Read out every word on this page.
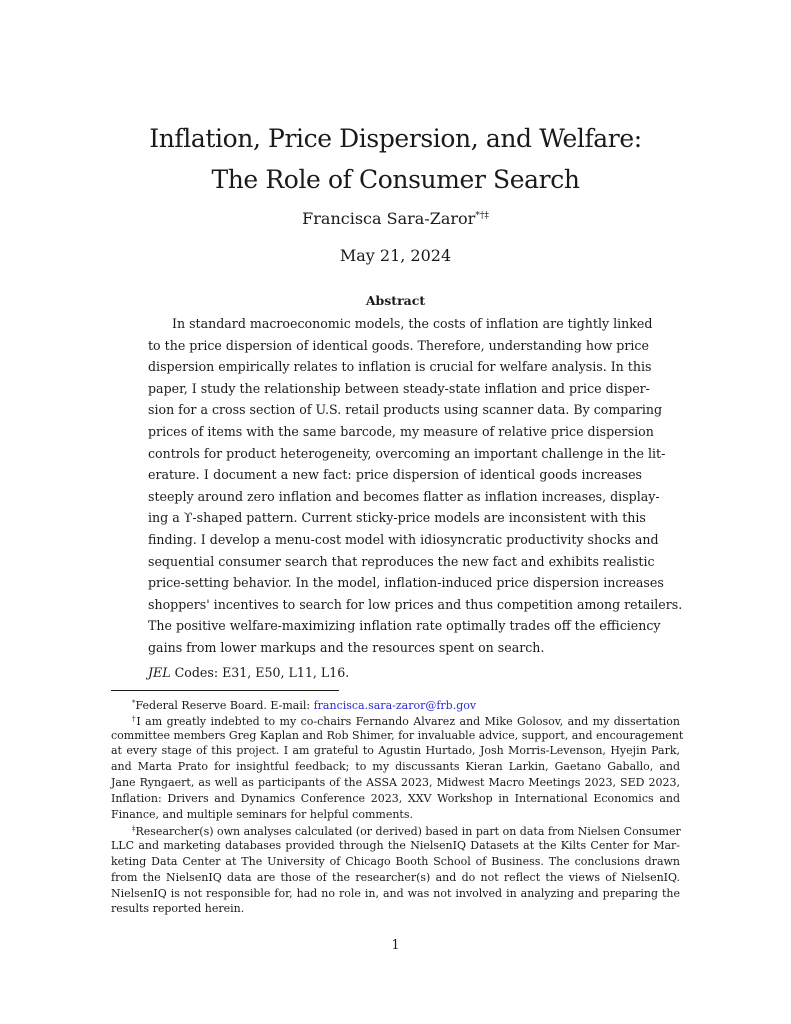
Inflation, Price Dispersion, and Welfare:
The Role of Consumer Search
Francisca Sara-Zaror*†‡
May 21, 2024
Abstract
In standard macroeconomic models, the costs of inflation are tightly linked
to the price dispersion of identical goods. Therefore, understanding how price
dispersion empirically relates to inflation is crucial for welfare analysis. In this
paper, I study the relationship between steady-state inflation and price disper-
sion for a cross section of U.S. retail products using scanner data. By comparing
prices of items with the same barcode, my measure of relative price dispersion
controls for product heterogeneity, overcoming an important challenge in the lit-
erature. I document a new fact: price dispersion of identical goods increases
steeply around zero inflation and becomes flatter as inflation increases, display-
ing a ϒ-shaped pattern. Current sticky-price models are inconsistent with this
finding. I develop a menu-cost model with idiosyncratic productivity shocks and
sequential consumer search that reproduces the new fact and exhibits realistic
price-setting behavior. In the model, inflation-induced price dispersion increases
shoppers' incentives to search for low prices and thus competition among retailers.
The positive welfare-maximizing inflation rate optimally trades off the efficiency
gains from lower markups and the resources spent on search.
JEL Codes: E31, E50, L11, L16.
*Federal Reserve Board. E-mail: francisca.sara-zaror@frb.gov
†I am greatly indebted to my co-chairs Fernando Alvarez and Mike Golosov, and my dissertation
committee members Greg Kaplan and Rob Shimer, for invaluable advice, support, and encouragement
at every stage of this project. I am grateful to Agustin Hurtado, Josh Morris-Levenson, Hyejin Park,
and Marta Prato for insightful feedback; to my discussants Kieran Larkin, Gaetano Gaballo, and
Jane Ryngaert, as well as participants of the ASSA 2023, Midwest Macro Meetings 2023, SED 2023,
Inflation: Drivers and Dynamics Conference 2023, XXV Workshop in International Economics and
Finance, and multiple seminars for helpful comments.
‡Researcher(s) own analyses calculated (or derived) based in part on data from Nielsen Consumer
LLC and marketing databases provided through the NielsenIQ Datasets at the Kilts Center for Mar-
keting Data Center at The University of Chicago Booth School of Business. The conclusions drawn
from the NielsenIQ data are those of the researcher(s) and do not reflect the views of NielsenIQ.
NielsenIQ is not responsible for, had no role in, and was not involved in analyzing and preparing the
results reported herein.
1
